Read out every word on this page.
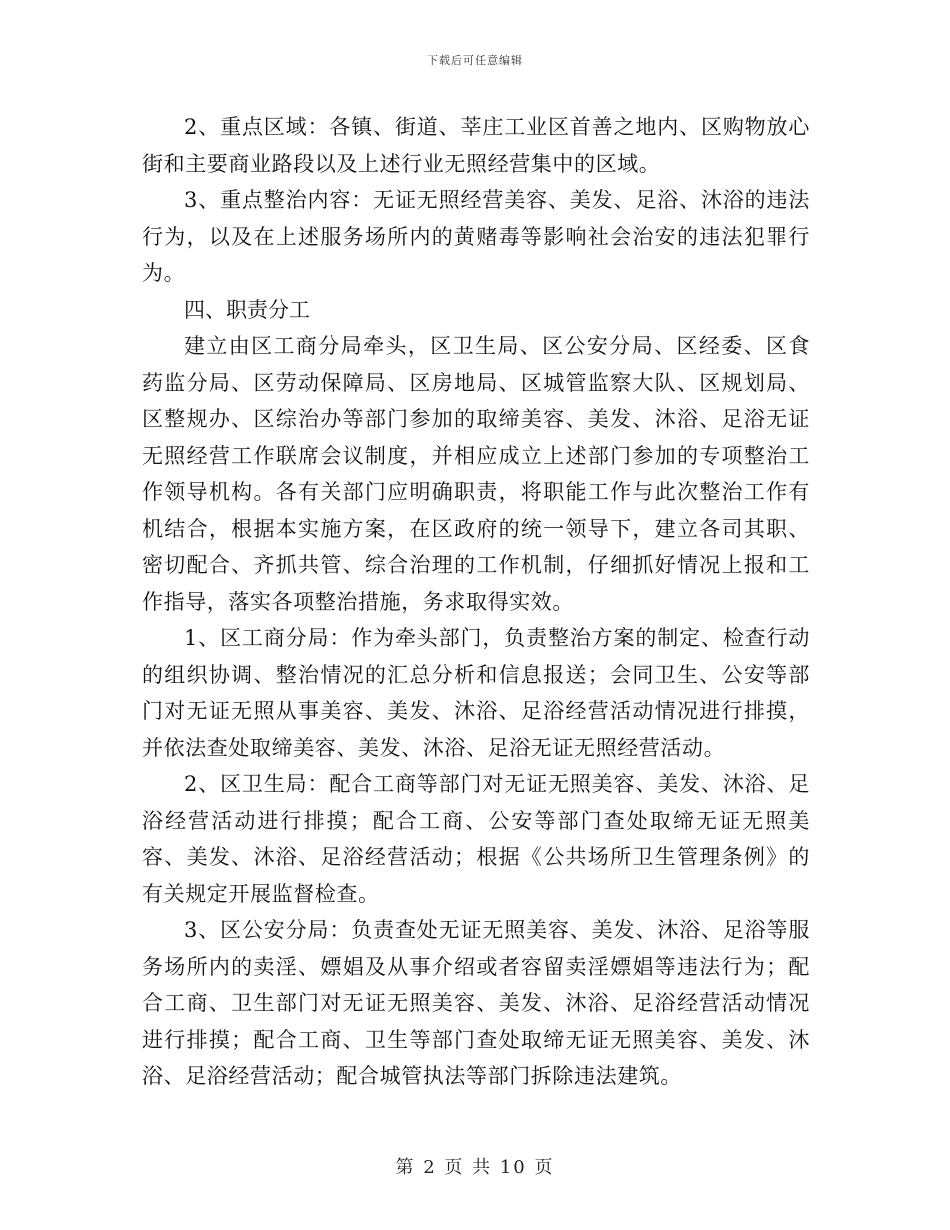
下载后可任意编辑

2、重点区域：各镇、街道、莘庄工业区首善之地内、区购物放心街和主要商业路段以及上述行业无照经营集中的区域。

3、重点整治内容：无证无照经营美容、美发、足浴、沐浴的违法行为，以及在上述服务场所内的黄赌毒等影响社会治安的违法犯罪行为。

四、职责分工

建立由区工商分局牵头，区卫生局、区公安分局、区经委、区食药监分局、区劳动保障局、区房地局、区城管监察大队、区规划局、区整规办、区综治办等部门参加的取缔美容、美发、沐浴、足浴无证无照经营工作联席会议制度，并相应成立上述部门参加的专项整治工作领导机构。各有关部门应明确职责，将职能工作与此次整治工作有机结合，根据本实施方案，在区政府的统一领导下，建立各司其职、密切配合、齐抓共管、综合治理的工作机制，仔细抓好情况上报和工作指导，落实各项整治措施，务求取得实效。

1、区工商分局：作为牵头部门，负责整治方案的制定、检查行动的组织协调、整治情况的汇总分析和信息报送；会同卫生、公安等部门对无证无照从事美容、美发、沐浴、足浴经营活动情况进行排摸，并依法查处取缔美容、美发、沐浴、足浴无证无照经营活动。

2、区卫生局：配合工商等部门对无证无照美容、美发、沐浴、足浴经营活动进行排摸；配合工商、公安等部门查处取缔无证无照美容、美发、沐浴、足浴经营活动；根据《公共场所卫生管理条例》的有关规定开展监督检查。

3、区公安分局：负责查处无证无照美容、美发、沐浴、足浴等服务场所内的卖淫、嫖娼及从事介绍或者容留卖淫嫖娼等违法行为；配合工商、卫生部门对无证无照美容、美发、沐浴、足浴经营活动情况进行排摸；配合工商、卫生等部门查处取缔无证无照美容、美发、沐浴、足浴经营活动；配合城管执法等部门拆除违法建筑。

第 2 页 共 10 页
